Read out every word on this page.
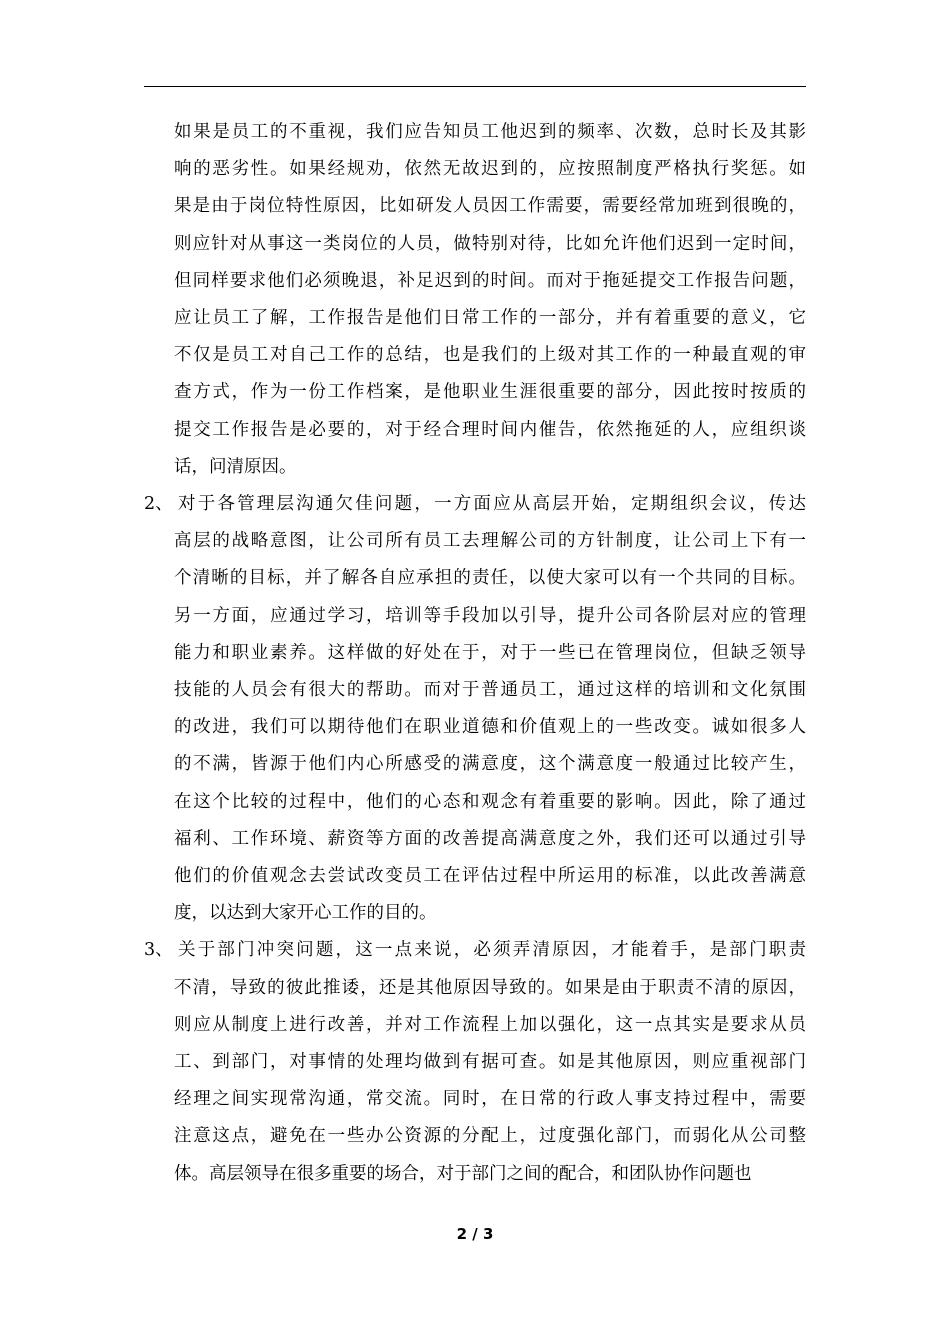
如果是员工的不重视，我们应告知员工他迟到的频率、次数，总时长及其影
响的恶劣性。如果经规劝，依然无故迟到的，应按照制度严格执行奖惩。如
果是由于岗位特性原因，比如研发人员因工作需要，需要经常加班到很晚的，
则应针对从事这一类岗位的人员，做特别对待，比如允许他们迟到一定时间，
但同样要求他们必须晚退，补足迟到的时间。而对于拖延提交工作报告问题，
应让员工了解，工作报告是他们日常工作的一部分，并有着重要的意义，它
不仅是员工对自己工作的总结，也是我们的上级对其工作的一种最直观的审
查方式，作为一份工作档案，是他职业生涯很重要的部分，因此按时按质的
提交工作报告是必要的，对于经合理时间内催告，依然拖延的人，应组织谈
话，问清原因。
2、 对于各管理层沟通欠佳问题，一方面应从高层开始，定期组织会议，传达
高层的战略意图，让公司所有员工去理解公司的方针制度，让公司上下有一
个清晰的目标，并了解各自应承担的责任，以使大家可以有一个共同的目标。
另一方面，应通过学习，培训等手段加以引导，提升公司各阶层对应的管理
能力和职业素养。这样做的好处在于，对于一些已在管理岗位，但缺乏领导
技能的人员会有很大的帮助。而对于普通员工，通过这样的培训和文化氛围
的改进，我们可以期待他们在职业道德和价值观上的一些改变。诚如很多人
的不满，皆源于他们内心所感受的满意度，这个满意度一般通过比较产生，
在这个比较的过程中，他们的心态和观念有着重要的影响。因此，除了通过
福利、工作环境、薪资等方面的改善提高满意度之外，我们还可以通过引导
他们的价值观念去尝试改变员工在评估过程中所运用的标准，以此改善满意
度，以达到大家开心工作的目的。
3、 关于部门冲突问题，这一点来说，必须弄清原因，才能着手，是部门职责
不清，导致的彼此推诿，还是其他原因导致的。如果是由于职责不清的原因，
则应从制度上进行改善，并对工作流程上加以强化，这一点其实是要求从员
工、到部门，对事情的处理均做到有据可查。如是其他原因，则应重视部门
经理之间实现常沟通，常交流。同时，在日常的行政人事支持过程中，需要
注意这点，避免在一些办公资源的分配上，过度强化部门，而弱化从公司整
体。高层领导在很多重要的场合，对于部门之间的配合，和团队协作问题也
2 / 3
